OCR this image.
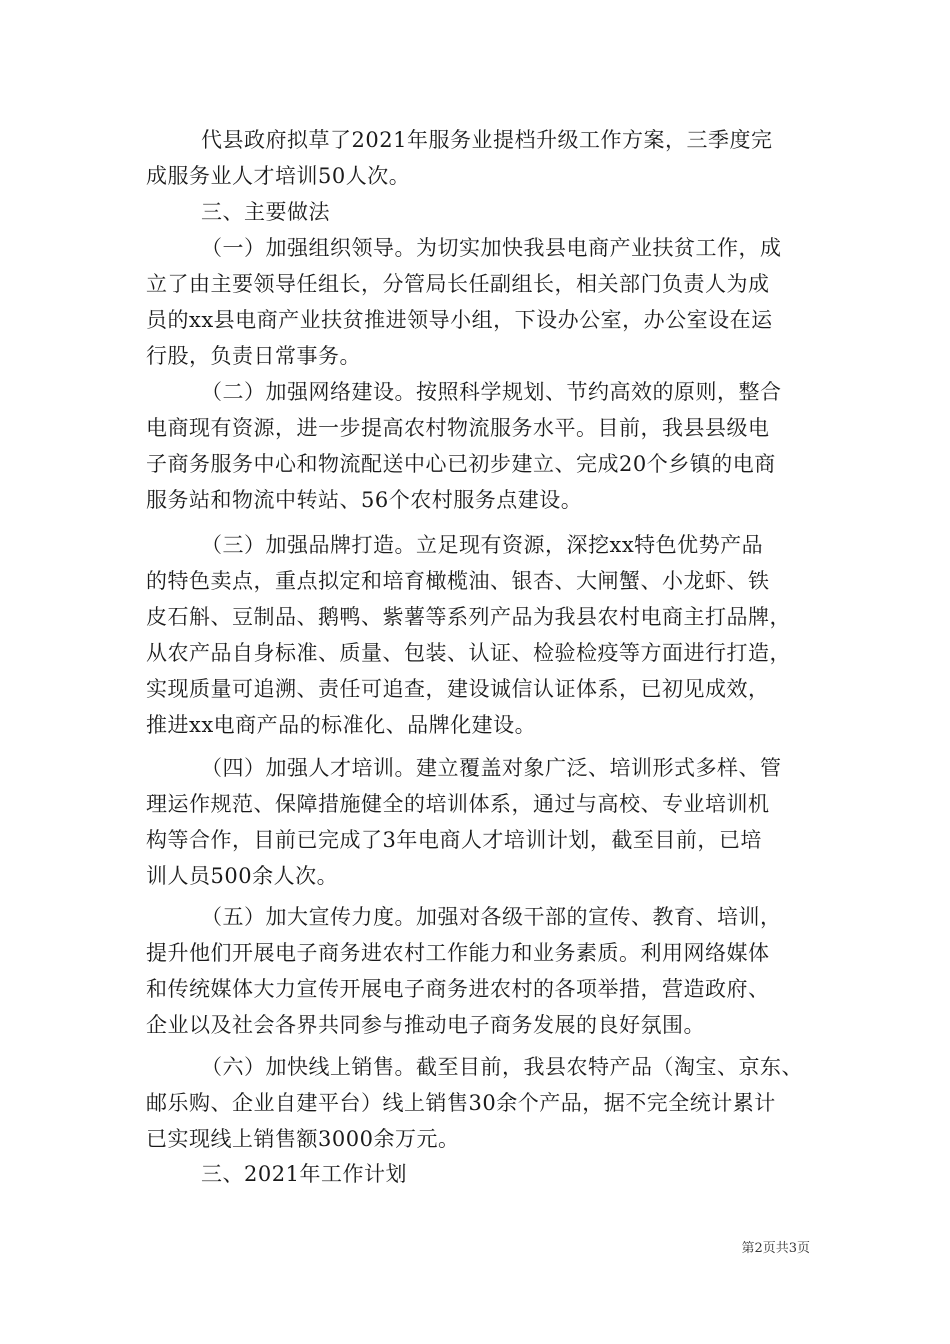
代县政府拟草了2021年服务业提档升级工作方案，三季度完
成服务业人才培训50人次。
三、主要做法
（一）加强组织领导。为切实加快我县电商产业扶贫工作，成
立了由主要领导任组长，分管局长任副组长，相关部门负责人为成
员的xx县电商产业扶贫推进领导小组，下设办公室，办公室设在运
行股，负责日常事务。
（二）加强网络建设。按照科学规划、节约高效的原则，整合
电商现有资源，进一步提高农村物流服务水平。目前，我县县级电
子商务服务中心和物流配送中心已初步建立、完成20个乡镇的电商
服务站和物流中转站、56个农村服务点建设。
（三）加强品牌打造。立足现有资源，深挖xx特色优势产品
的特色卖点，重点拟定和培育橄榄油、银杏、大闸蟹、小龙虾、铁
皮石斛、豆制品、鹅鸭、紫薯等系列产品为我县农村电商主打品牌，
从农产品自身标准、质量、包装、认证、检验检疫等方面进行打造，
实现质量可追溯、责任可追查，建设诚信认证体系，已初见成效，
推进xx电商产品的标准化、品牌化建设。
（四）加强人才培训。建立覆盖对象广泛、培训形式多样、管
理运作规范、保障措施健全的培训体系，通过与高校、专业培训机
构等合作，目前已完成了3年电商人才培训计划，截至目前，已培
训人员500余人次。
（五）加大宣传力度。加强对各级干部的宣传、教育、培训，
提升他们开展电子商务进农村工作能力和业务素质。利用网络媒体
和传统媒体大力宣传开展电子商务进农村的各项举措，营造政府、
企业以及社会各界共同参与推动电子商务发展的良好氛围。
（六）加快线上销售。截至目前，我县农特产品（淘宝、京东、
邮乐购、企业自建平台）线上销售30余个产品，据不完全统计累计
已实现线上销售额3000余万元。
三、2021年工作计划
第2页共3页
